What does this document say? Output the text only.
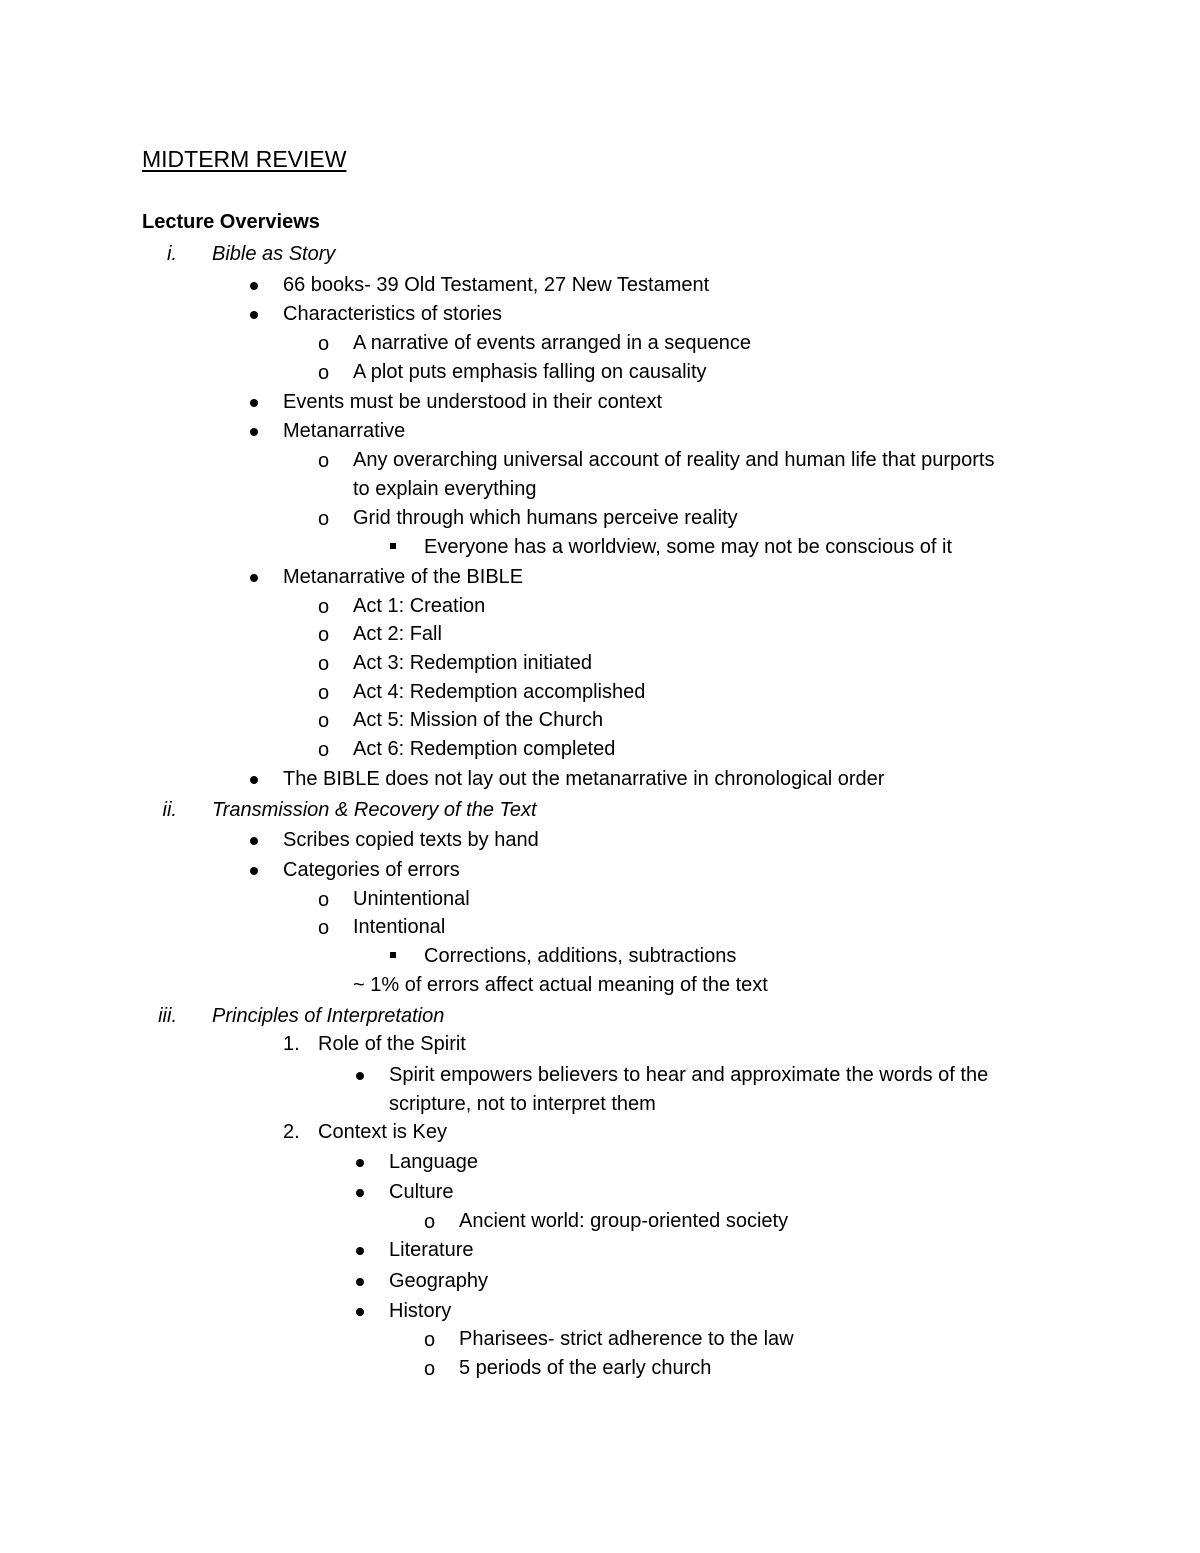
MIDTERM REVIEW
Lecture Overviews
i. Bible as Story
66 books- 39 Old Testament, 27 New Testament
Characteristics of stories
o A narrative of events arranged in a sequence
o A plot puts emphasis falling on causality
Events must be understood in their context
Metanarrative
o Any overarching universal account of reality and human life that purports
to explain everything
o Grid through which humans perceive reality
Everyone has a worldview, some may not be conscious of it
Metanarrative of the BIBLE
o Act 1: Creation
o Act 2: Fall
o Act 3: Redemption initiated
o Act 4: Redemption accomplished
o Act 5: Mission of the Church
o Act 6: Redemption completed
The BIBLE does not lay out the metanarrative in chronological order
ii. Transmission & Recovery of the Text
Scribes copied texts by hand
Categories of errors
o Unintentional
o Intentional
Corrections, additions, subtractions
~ 1% of errors affect actual meaning of the text
iii. Principles of Interpretation
1. Role of the Spirit
Spirit empowers believers to hear and approximate the words of the
scripture, not to interpret them
2. Context is Key
Language
Culture
o Ancient world: group-oriented society
Literature
Geography
History
o Pharisees- strict adherence to the law
o 5 periods of the early church
